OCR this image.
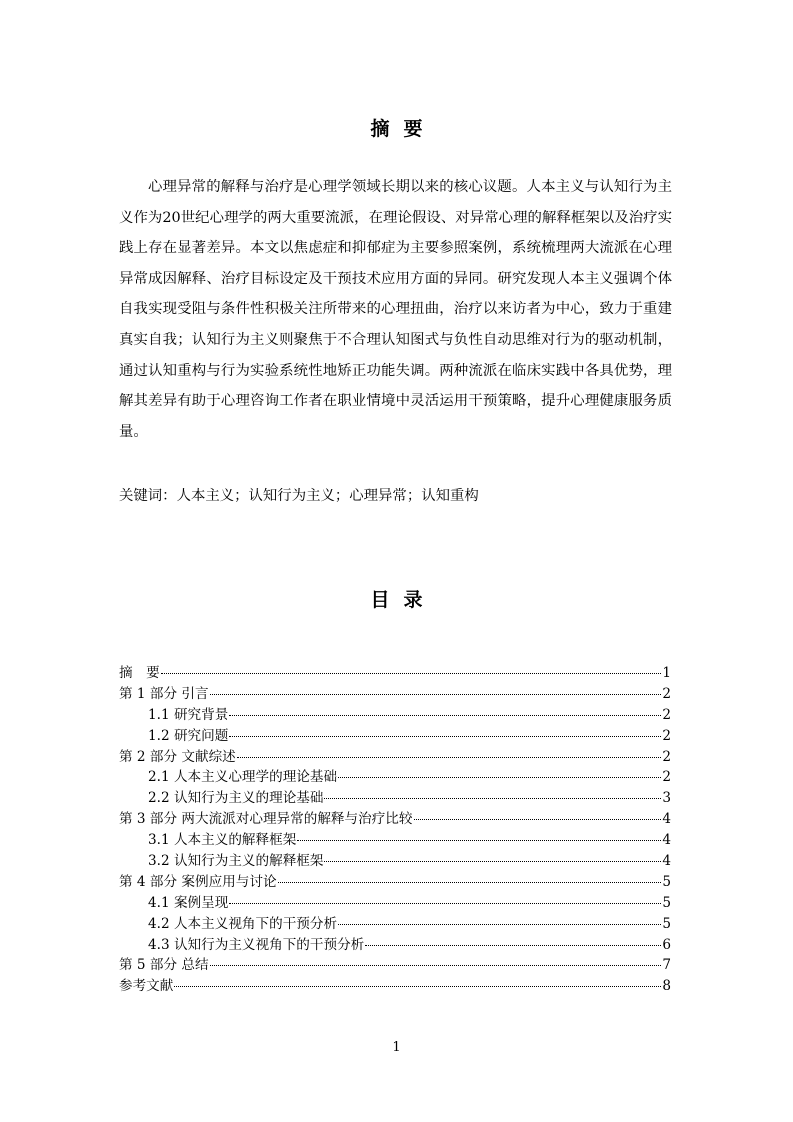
摘要

心理异常的解释与治疗是心理学领域长期以来的核心议题。人本主义与认知行为主义作为20世纪心理学的两大重要流派，在理论假设、对异常心理的解释框架以及治疗实践上存在显著差异。本文以焦虑症和抑郁症为主要参照案例，系统梳理两大流派在心理异常成因解释、治疗目标设定及干预技术应用方面的异同。研究发现人本主义强调个体自我实现受阻与条件性积极关注所带来的心理扭曲，治疗以来访者为中心，致力于重建真实自我；认知行为主义则聚焦于不合理认知图式与负性自动思维对行为的驱动机制，通过认知重构与行为实验系统性地矫正功能失调。两种流派在临床实践中各具优势，理解其差异有助于心理咨询工作者在职业情境中灵活运用干预策略，提升心理健康服务质量。

关键词：人本主义；认知行为主义；心理异常；认知重构

目录
摘　要	1
第 1 部分 引言	2
1.1 研究背景	2
1.2 研究问题	2
第 2 部分 文献综述	2
2.1 人本主义心理学的理论基础	2
2.2 认知行为主义的理论基础	3
第 3 部分 两大流派对心理异常的解释与治疗比较	4
3.1 人本主义的解释框架	4
3.2 认知行为主义的解释框架	4
第 4 部分 案例应用与讨论	5
4.1 案例呈现	5
4.2 人本主义视角下的干预分析	5
4.3 认知行为主义视角下的干预分析	6
第 5 部分 总结	7
参考文献	8
1
